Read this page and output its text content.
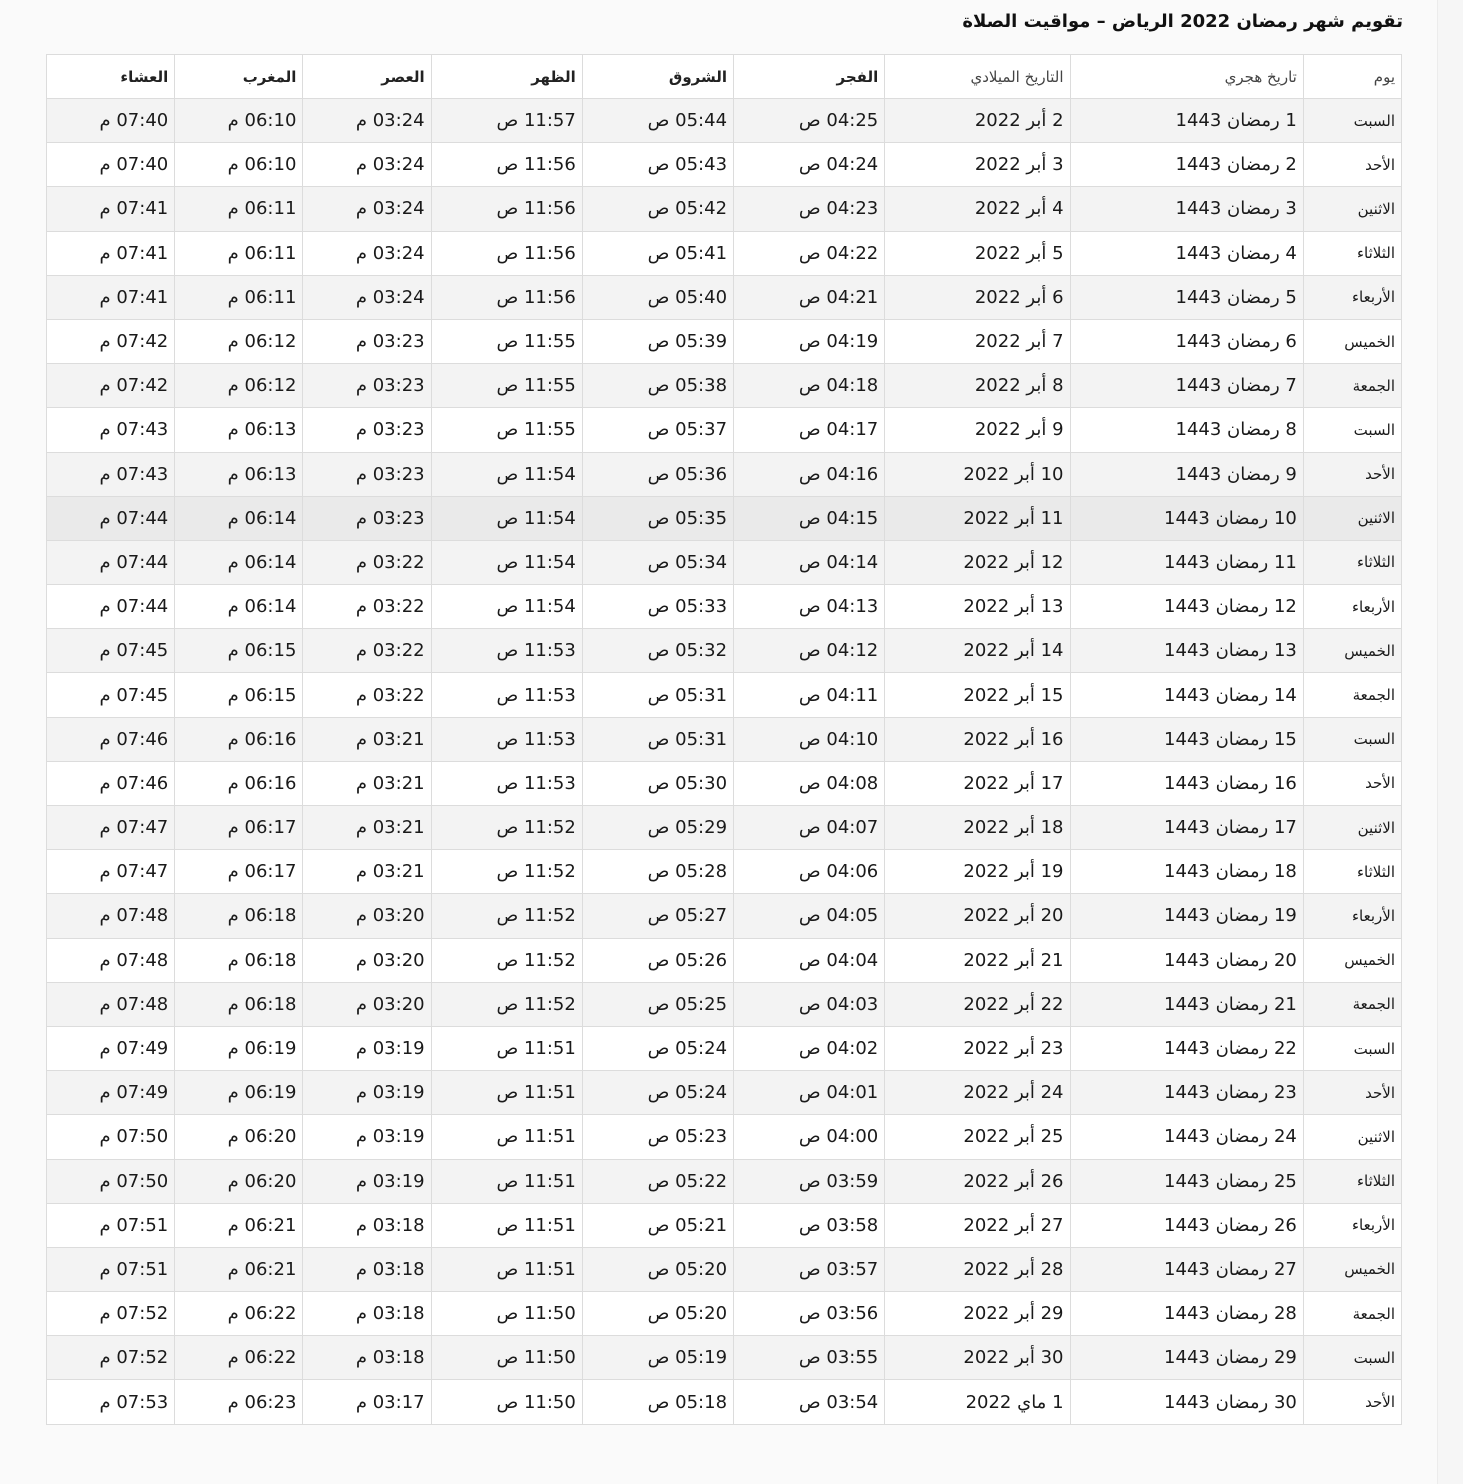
تقويم شهر رمضان 2022 الرياض – مواقيت الصلاة
يوم	تاريخ هجري	التاريخ الميلادي	الفجر	الشروق	الظهر	العصر	المغرب	العشاء
السبت	1 رمضان 1443	2 أبر 2022	04:25 ص	05:44 ص	11:57 ص	03:24 م	06:10 م	07:40 م
الأحد	2 رمضان 1443	3 أبر 2022	04:24 ص	05:43 ص	11:56 ص	03:24 م	06:10 م	07:40 م
الاثنين	3 رمضان 1443	4 أبر 2022	04:23 ص	05:42 ص	11:56 ص	03:24 م	06:11 م	07:41 م
الثلاثاء	4 رمضان 1443	5 أبر 2022	04:22 ص	05:41 ص	11:56 ص	03:24 م	06:11 م	07:41 م
الأربعاء	5 رمضان 1443	6 أبر 2022	04:21 ص	05:40 ص	11:56 ص	03:24 م	06:11 م	07:41 م
الخميس	6 رمضان 1443	7 أبر 2022	04:19 ص	05:39 ص	11:55 ص	03:23 م	06:12 م	07:42 م
الجمعة	7 رمضان 1443	8 أبر 2022	04:18 ص	05:38 ص	11:55 ص	03:23 م	06:12 م	07:42 م
السبت	8 رمضان 1443	9 أبر 2022	04:17 ص	05:37 ص	11:55 ص	03:23 م	06:13 م	07:43 م
الأحد	9 رمضان 1443	10 أبر 2022	04:16 ص	05:36 ص	11:54 ص	03:23 م	06:13 م	07:43 م
الاثنين	10 رمضان 1443	11 أبر 2022	04:15 ص	05:35 ص	11:54 ص	03:23 م	06:14 م	07:44 م
الثلاثاء	11 رمضان 1443	12 أبر 2022	04:14 ص	05:34 ص	11:54 ص	03:22 م	06:14 م	07:44 م
الأربعاء	12 رمضان 1443	13 أبر 2022	04:13 ص	05:33 ص	11:54 ص	03:22 م	06:14 م	07:44 م
الخميس	13 رمضان 1443	14 أبر 2022	04:12 ص	05:32 ص	11:53 ص	03:22 م	06:15 م	07:45 م
الجمعة	14 رمضان 1443	15 أبر 2022	04:11 ص	05:31 ص	11:53 ص	03:22 م	06:15 م	07:45 م
السبت	15 رمضان 1443	16 أبر 2022	04:10 ص	05:31 ص	11:53 ص	03:21 م	06:16 م	07:46 م
الأحد	16 رمضان 1443	17 أبر 2022	04:08 ص	05:30 ص	11:53 ص	03:21 م	06:16 م	07:46 م
الاثنين	17 رمضان 1443	18 أبر 2022	04:07 ص	05:29 ص	11:52 ص	03:21 م	06:17 م	07:47 م
الثلاثاء	18 رمضان 1443	19 أبر 2022	04:06 ص	05:28 ص	11:52 ص	03:21 م	06:17 م	07:47 م
الأربعاء	19 رمضان 1443	20 أبر 2022	04:05 ص	05:27 ص	11:52 ص	03:20 م	06:18 م	07:48 م
الخميس	20 رمضان 1443	21 أبر 2022	04:04 ص	05:26 ص	11:52 ص	03:20 م	06:18 م	07:48 م
الجمعة	21 رمضان 1443	22 أبر 2022	04:03 ص	05:25 ص	11:52 ص	03:20 م	06:18 م	07:48 م
السبت	22 رمضان 1443	23 أبر 2022	04:02 ص	05:24 ص	11:51 ص	03:19 م	06:19 م	07:49 م
الأحد	23 رمضان 1443	24 أبر 2022	04:01 ص	05:24 ص	11:51 ص	03:19 م	06:19 م	07:49 م
الاثنين	24 رمضان 1443	25 أبر 2022	04:00 ص	05:23 ص	11:51 ص	03:19 م	06:20 م	07:50 م
الثلاثاء	25 رمضان 1443	26 أبر 2022	03:59 ص	05:22 ص	11:51 ص	03:19 م	06:20 م	07:50 م
الأربعاء	26 رمضان 1443	27 أبر 2022	03:58 ص	05:21 ص	11:51 ص	03:18 م	06:21 م	07:51 م
الخميس	27 رمضان 1443	28 أبر 2022	03:57 ص	05:20 ص	11:51 ص	03:18 م	06:21 م	07:51 م
الجمعة	28 رمضان 1443	29 أبر 2022	03:56 ص	05:20 ص	11:50 ص	03:18 م	06:22 م	07:52 م
السبت	29 رمضان 1443	30 أبر 2022	03:55 ص	05:19 ص	11:50 ص	03:18 م	06:22 م	07:52 م
الأحد	30 رمضان 1443	1 ماي 2022	03:54 ص	05:18 ص	11:50 ص	03:17 م	06:23 م	07:53 م
